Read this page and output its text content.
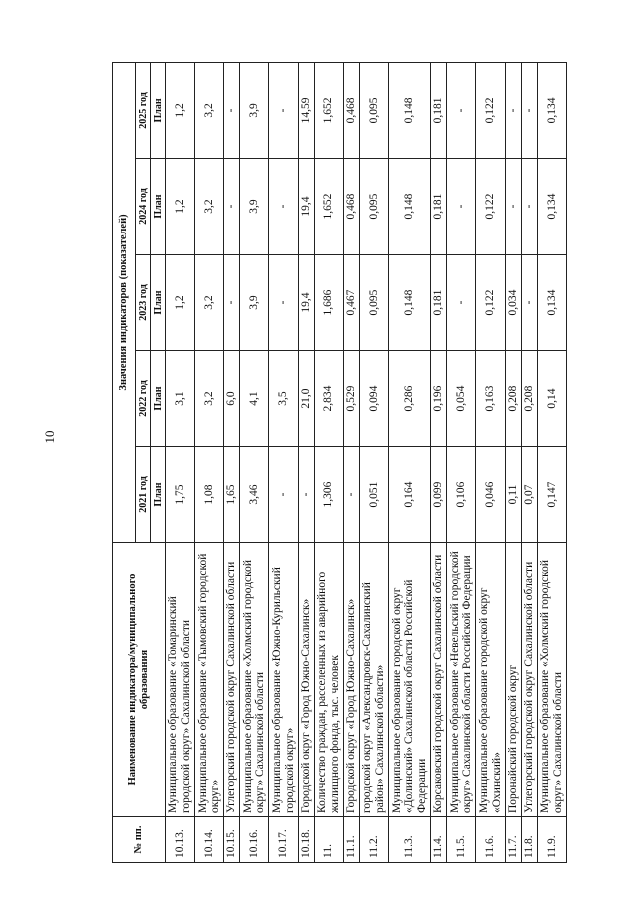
10
№ пп.	Наименование индикатора/муниципального образования	Значения индикаторов (показателей)				
		2021 год	2022 год	2023 год	2024 год	2025 год
		План	План	План	План	План
10.13.	Муниципальное образование «Томаринский городской округ» Сахалинской области	1,75	3,1	1,2	1,2	1,2
10.14.	Муниципальное образование «Тымовский городской округ»	1,08	3,2	3,2	3,2	3,2
10.15.	Углегорский городской округ Сахалинской области	1,65	6,0	-	-	-
10.16.	Муниципальное образование «Холмский городской округ» Сахалинской области	3,46	4,1	3,9	3,9	3,9
10.17.	Муниципальное образование «Южно-Курильский городской округ»	-	3,5	-	-	-
10.18.	Городской округ «Город Южно-Сахалинск»	-	21,0	19,4	19,4	14,59
11.	Количество граждан, расселенных из аварийного жилищного фонда, тыс. человек	1,306	2,834	1,686	1,652	1,652
11.1.	Городской округ «Город Южно-Сахалинск»	-	0,529	0,467	0,468	0,468
11.2.	городской округ «Александровск-Сахалинский район» Сахалинской области»	0,051	0,094	0,095	0,095	0,095
11.3.	Муниципальное образование городской округ «Долинский» Сахалинской области Российской Федерации	0,164	0,286	0,148	0,148	0,148
11.4.	Корсаковский городской округ Сахалинской области	0,099	0,196	0,181	0,181	0,181
11.5.	Муниципальное образование «Невельский городской округ» Сахалинской области Российской Федерации	0,106	0,054	-	-	-
11.6.	Муниципальное образование городской округ «Охинский»	0,046	0,163	0,122	0,122	0,122
11.7.	Поронайский городской округ	0,11	0,208	0,034	-	-
11.8.	Углегорский городской округ Сахалинской области	0,07	0,208	-	-	-
11.9.	Муниципальное образование «Холмский городской округ» Сахалинской области	0,147	0,14	0,134	0,134	0,134
